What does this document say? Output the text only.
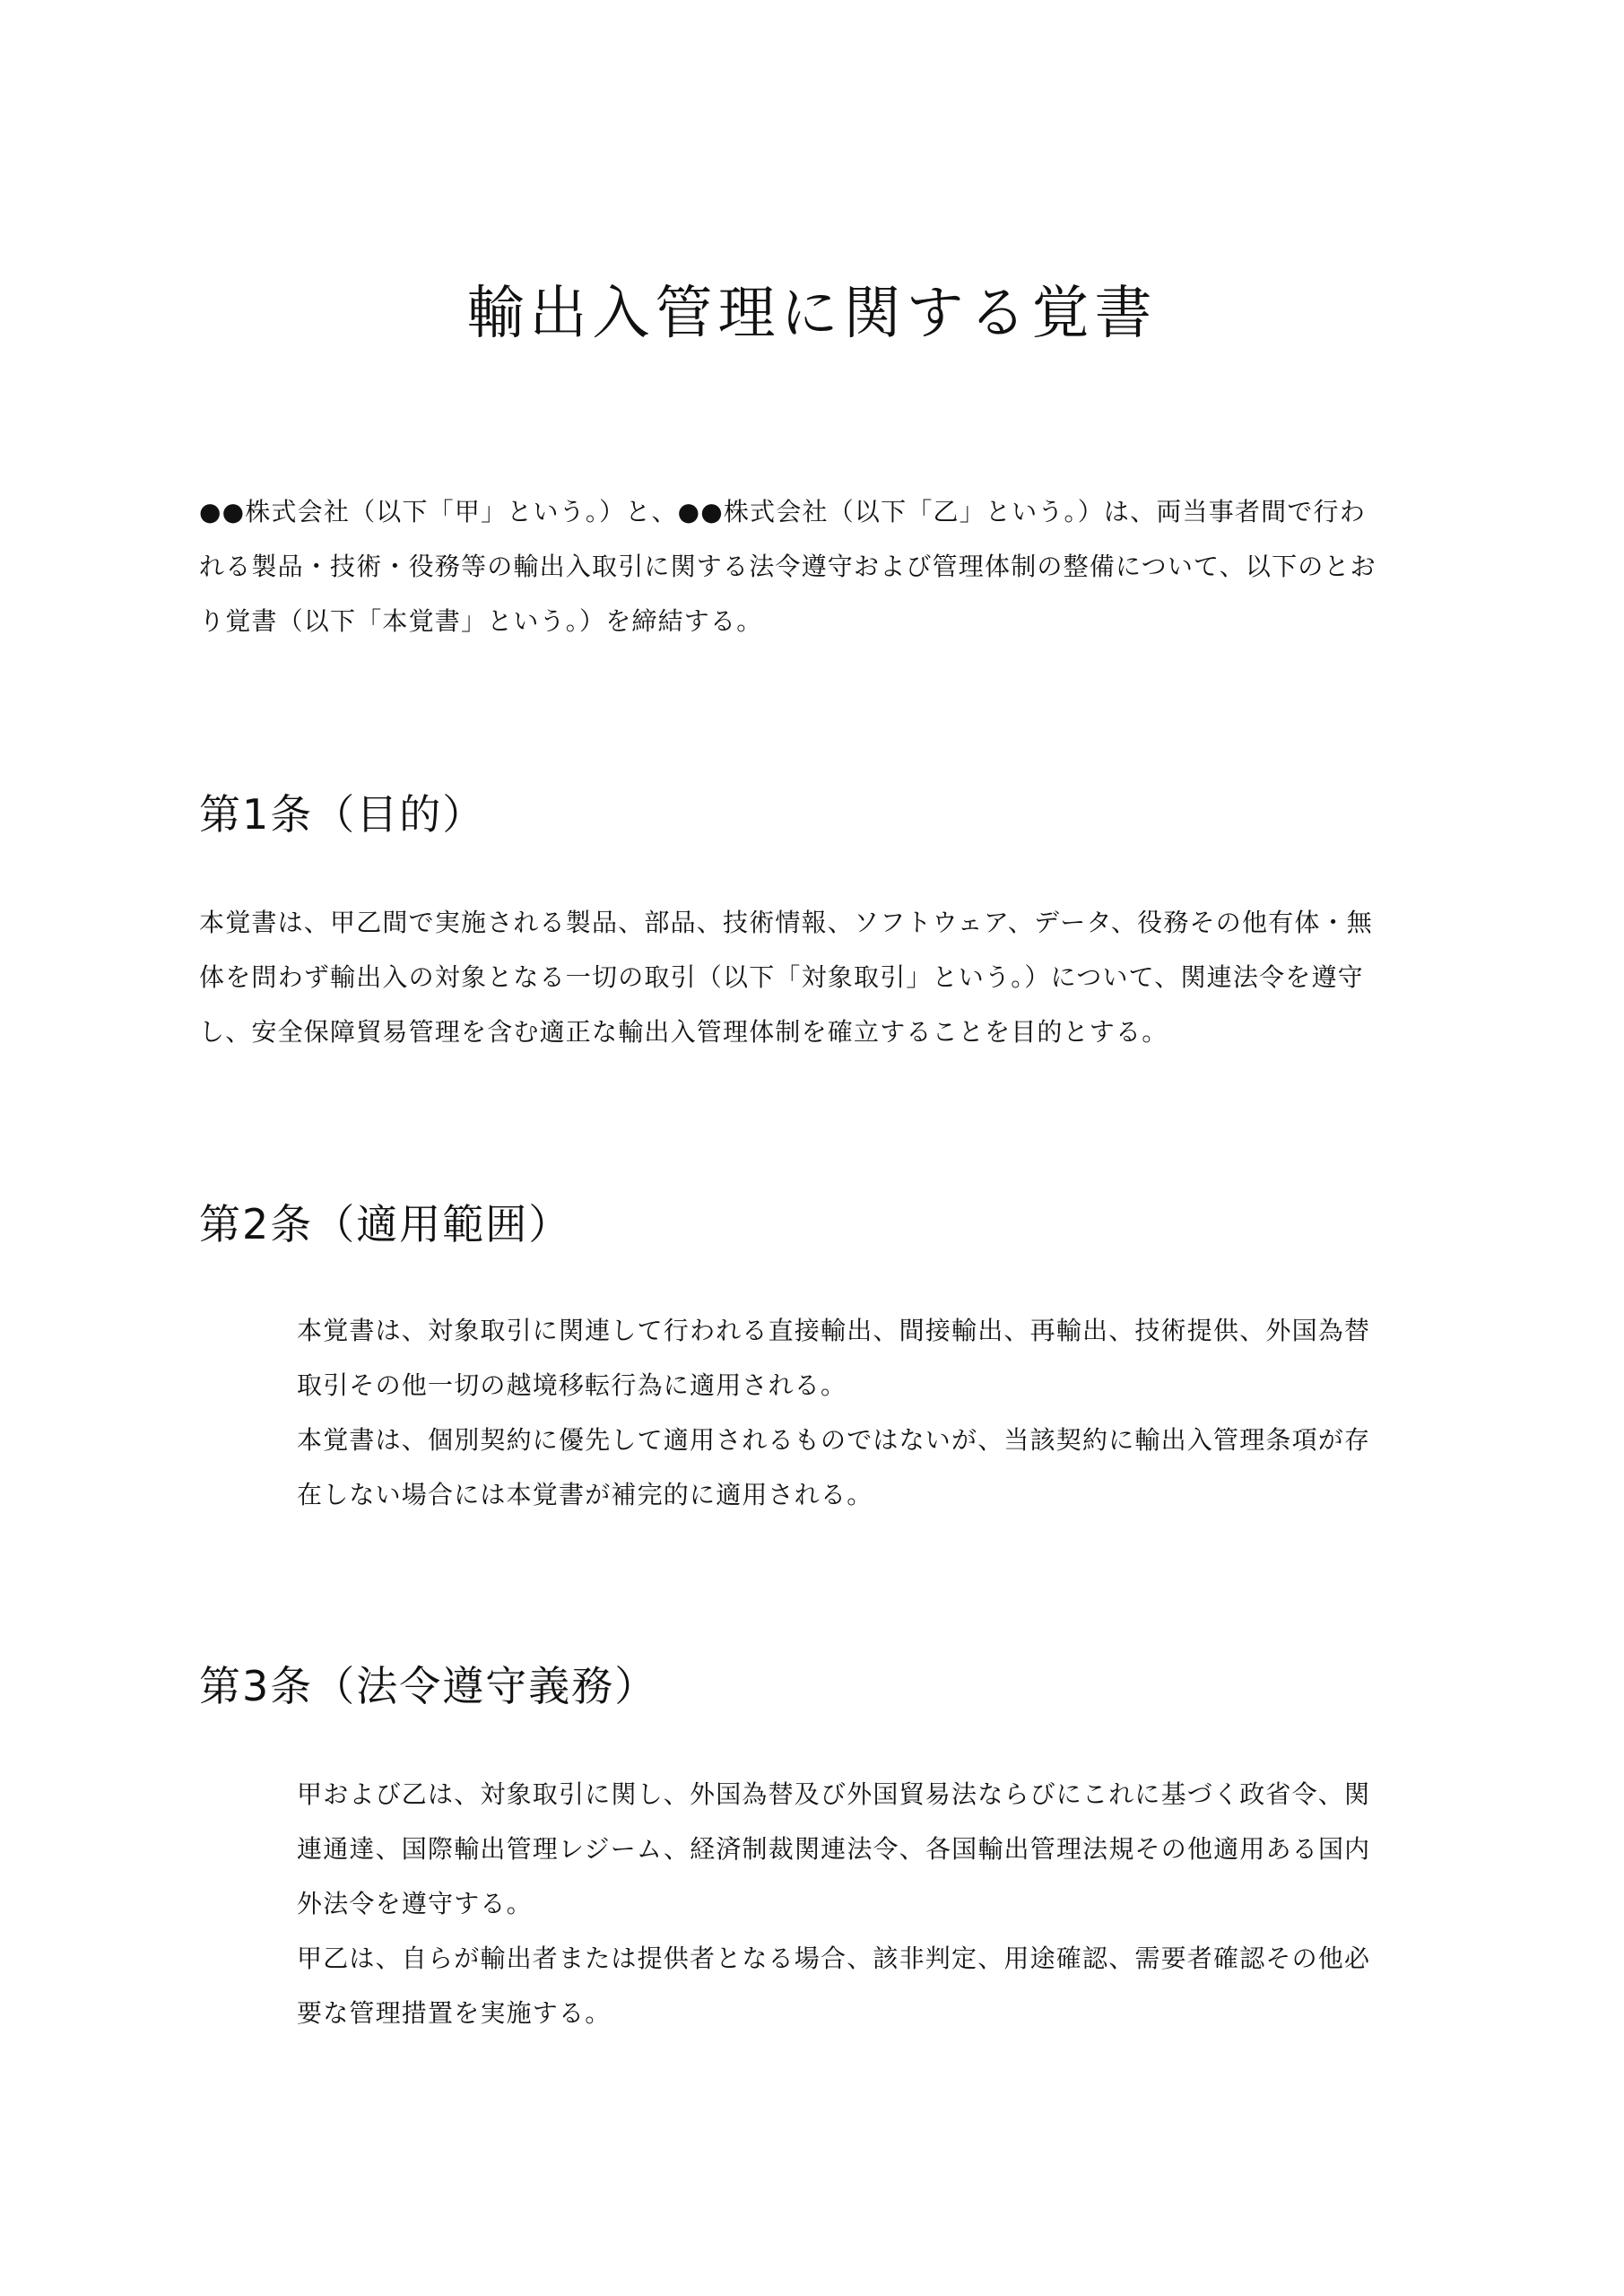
輸出入管理に関する覚書
●●株式会社（以下「甲」という。）と、●●株式会社（以下「乙」という。）は、両当事者間で行わ
れる製品・技術・役務等の輸出入取引に関する法令遵守および管理体制の整備について、以下のとお
り覚書（以下「本覚書」という。）を締結する。
第1条（目的）
本覚書は、甲乙間で実施される製品、部品、技術情報、ソフトウェア、データ、役務その他有体・無
体を問わず輸出入の対象となる一切の取引（以下「対象取引」という。）について、関連法令を遵守
し、安全保障貿易管理を含む適正な輸出入管理体制を確立することを目的とする。
第2条（適用範囲）
本覚書は、対象取引に関連して行われる直接輸出、間接輸出、再輸出、技術提供、外国為替
取引その他一切の越境移転行為に適用される。
本覚書は、個別契約に優先して適用されるものではないが、当該契約に輸出入管理条項が存
在しない場合には本覚書が補完的に適用される。
第3条（法令遵守義務）
甲および乙は、対象取引に関し、外国為替及び外国貿易法ならびにこれに基づく政省令、関
連通達、国際輸出管理レジーム、経済制裁関連法令、各国輸出管理法規その他適用ある国内
外法令を遵守する。
甲乙は、自らが輸出者または提供者となる場合、該非判定、用途確認、需要者確認その他必
要な管理措置を実施する。
